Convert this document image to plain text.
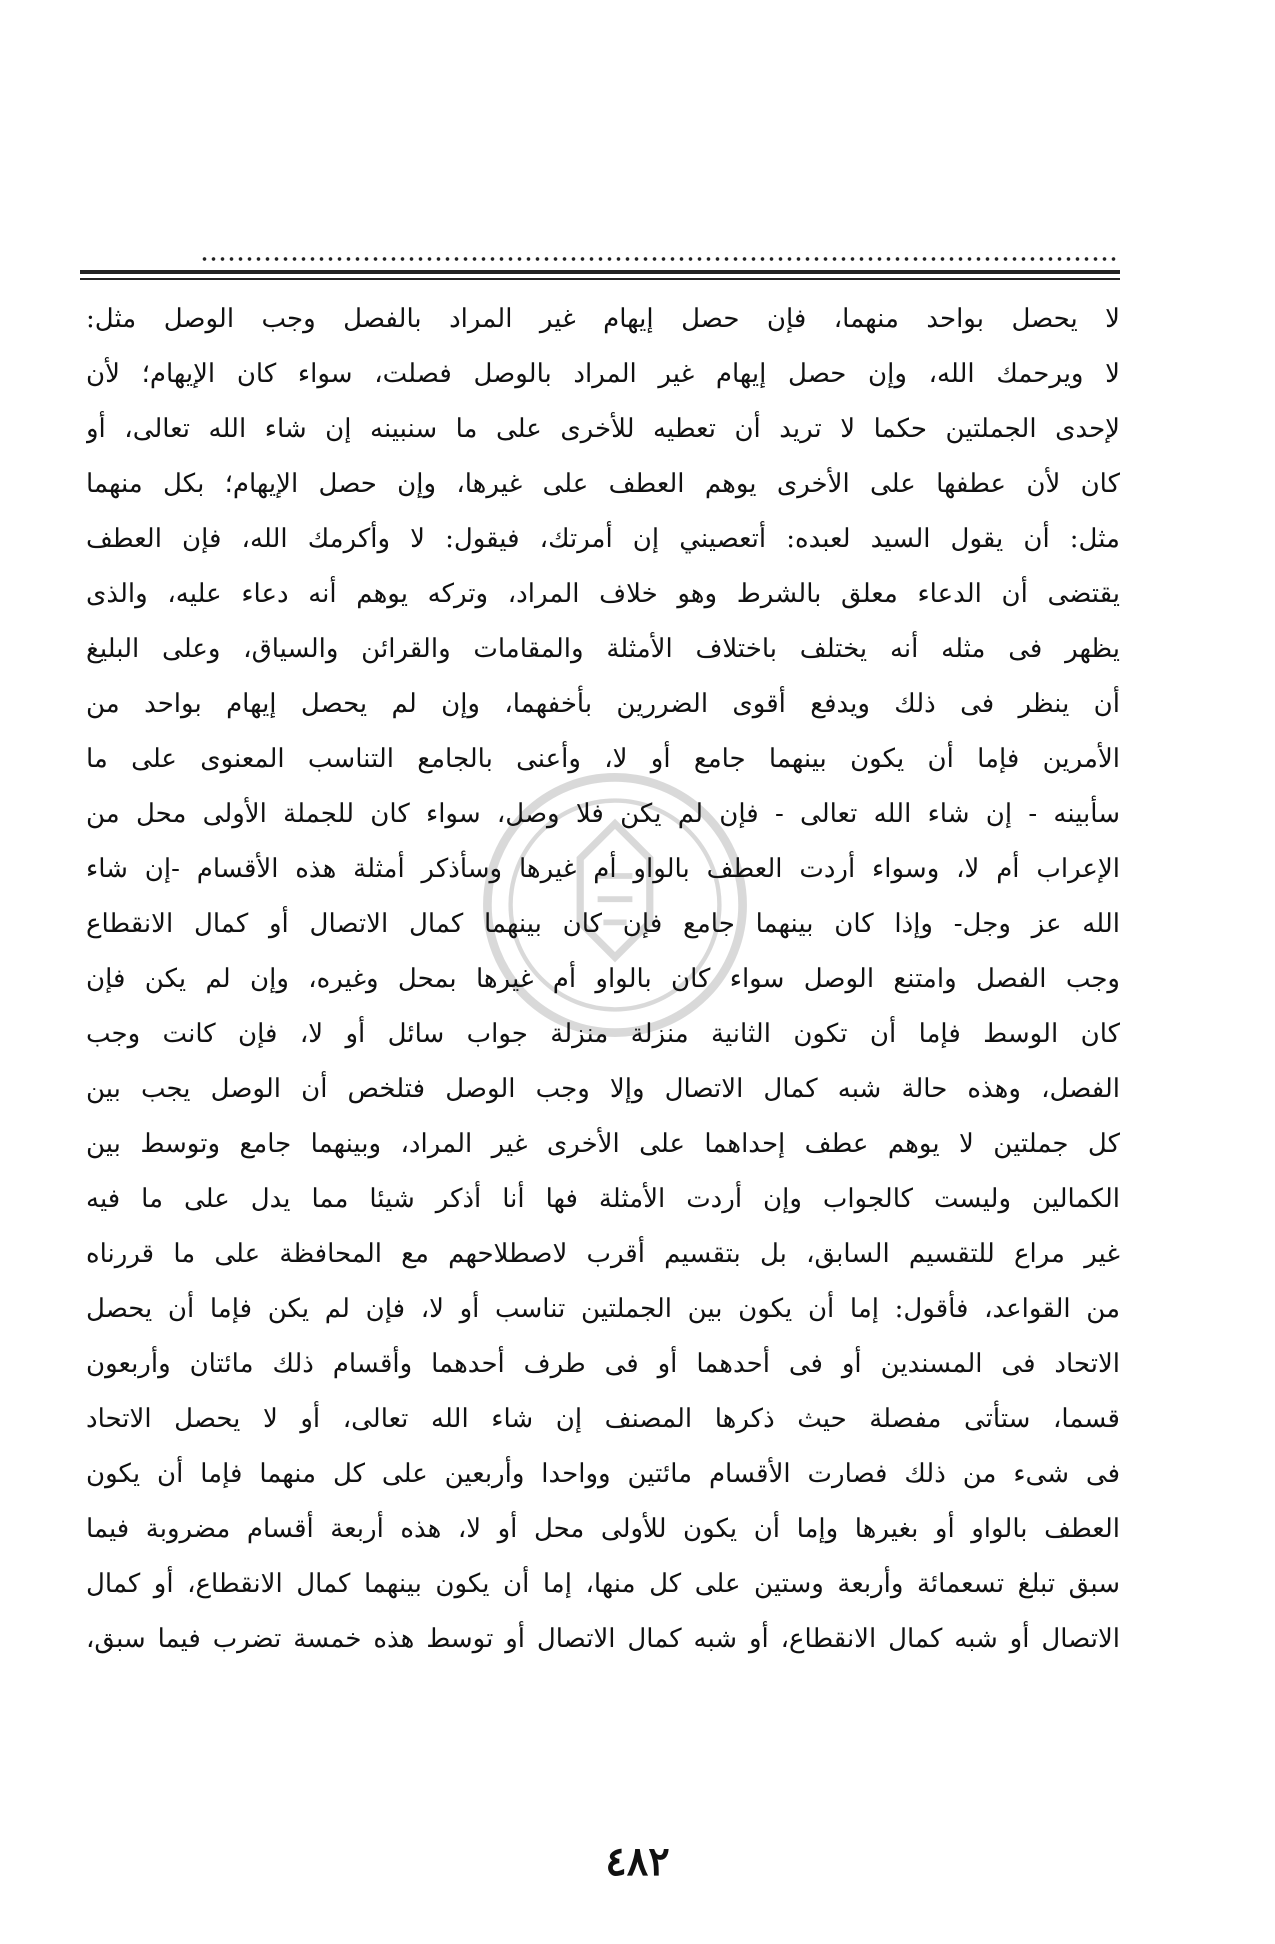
لا يحصل بواحد منهما، فإن حصل إيهام غير المراد بالفصل وجب الوصل مثل:
لا ويرحمك الله، وإن حصل إيهام غير المراد بالوصل فصلت، سواء كان الإيهام؛ لأن
لإحدى الجملتين حكما لا تريد أن تعطيه للأخرى على ما سنبينه إن شاء الله تعالى، أو
كان لأن عطفها على الأخرى يوهم العطف على غيرها، وإن حصل الإيهام؛ بكل منهما
مثل: أن يقول السيد لعبده: أتعصيني إن أمرتك، فيقول: لا وأكرمك الله، فإن العطف
يقتضى أن الدعاء معلق بالشرط وهو خلاف المراد، وتركه يوهم أنه دعاء عليه، والذى
يظهر فى مثله أنه يختلف باختلاف الأمثلة والمقامات والقرائن والسياق، وعلى البليغ
أن ينظر فى ذلك ويدفع أقوى الضررين بأخفهما، وإن لم يحصل إيهام بواحد من
الأمرين فإما أن يكون بينهما جامع أو لا، وأعنى بالجامع التناسب المعنوى على ما
سأبينه - إن شاء الله تعالى - فإن لم يكن فلا وصل، سواء كان للجملة الأولى محل من
الإعراب أم لا، وسواء أردت العطف بالواو أم غيرها وسأذكر أمثلة هذه الأقسام -إن شاء
الله عز وجل- وإذا كان بينهما جامع فإن كان بينهما كمال الاتصال أو كمال الانقطاع
وجب الفصل وامتنع الوصل سواء كان بالواو أم غيرها بمحل وغيره، وإن لم يكن فإن
كان الوسط فإما أن تكون الثانية منزلة منزلة جواب سائل أو لا، فإن كانت وجب
الفصل، وهذه حالة شبه كمال الاتصال وإلا وجب الوصل فتلخص أن الوصل يجب بين
كل جملتين لا يوهم عطف إحداهما على الأخرى غير المراد، وبينهما جامع وتوسط بين
الكمالين وليست كالجواب وإن أردت الأمثلة فها أنا أذكر شيئا مما يدل على ما فيه
غير مراع للتقسيم السابق، بل بتقسيم أقرب لاصطلاحهم مع المحافظة على ما قررناه
من القواعد، فأقول: إما أن يكون بين الجملتين تناسب أو لا، فإن لم يكن فإما أن يحصل
الاتحاد فى المسندين أو فى أحدهما أو فى طرف أحدهما وأقسام ذلك مائتان وأربعون
قسما، ستأتى مفصلة حيث ذكرها المصنف إن شاء الله تعالى، أو لا يحصل الاتحاد
فى شىء من ذلك فصارت الأقسام مائتين وواحدا وأربعين على كل منهما فإما أن يكون
العطف بالواو أو بغيرها وإما أن يكون للأولى محل أو لا، هذه أربعة أقسام مضروبة فيما
سبق تبلغ تسعمائة وأربعة وستين على كل منها، إما أن يكون بينهما كمال الانقطاع، أو كمال
الاتصال أو شبه كمال الانقطاع، أو شبه كمال الاتصال أو توسط هذه خمسة تضرب فيما سبق،
٤٨٢
